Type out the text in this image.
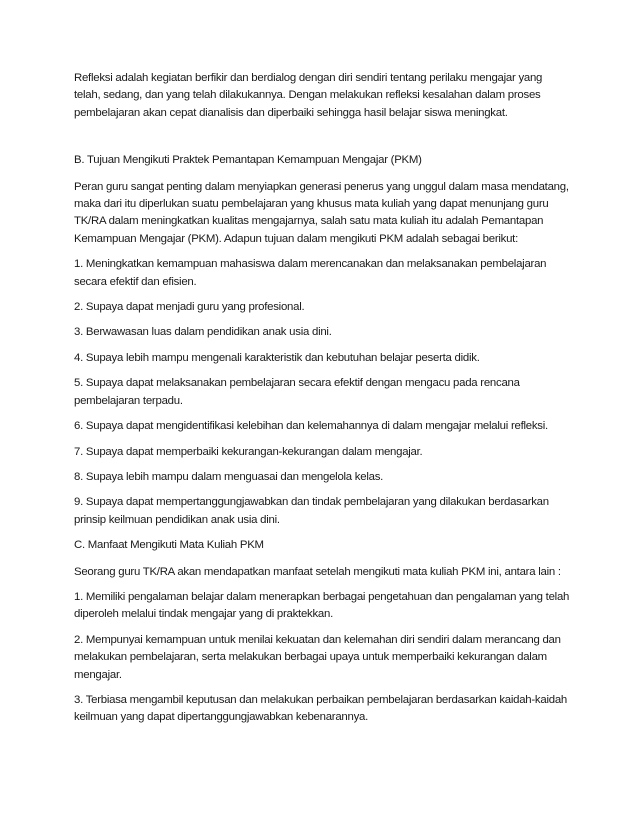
Refleksi adalah kegiatan berfikir dan berdialog dengan diri sendiri tentang perilaku mengajar yang telah, sedang, dan yang telah dilakukannya. Dengan melakukan refleksi kesalahan dalam proses pembelajaran akan cepat dianalisis dan diperbaiki sehingga hasil belajar siswa meningkat.

B. Tujuan Mengikuti Praktek Pemantapan Kemampuan Mengajar (PKM)

Peran guru sangat penting dalam menyiapkan generasi penerus yang unggul dalam masa mendatang, maka dari itu diperlukan suatu pembelajaran yang khusus mata kuliah yang dapat menunjang guru TK/RA dalam meningkatkan kualitas mengajarnya, salah satu mata kuliah itu adalah Pemantapan Kemampuan Mengajar (PKM). Adapun tujuan dalam mengikuti PKM adalah sebagai berikut:

1. Meningkatkan kemampuan mahasiswa dalam merencanakan dan melaksanakan pembelajaran secara efektif dan efisien.

2. Supaya dapat menjadi guru yang profesional.

3. Berwawasan luas dalam pendidikan anak usia dini.

4. Supaya lebih mampu mengenali karakteristik dan kebutuhan belajar peserta didik.

5. Supaya dapat melaksanakan pembelajaran secara efektif dengan mengacu pada rencana pembelajaran terpadu.

6. Supaya dapat mengidentifikasi kelebihan dan kelemahannya di dalam mengajar melalui refleksi.

7. Supaya dapat memperbaiki kekurangan-kekurangan dalam mengajar.

8. Supaya lebih mampu dalam menguasai dan mengelola kelas.

9. Supaya dapat mempertanggungjawabkan dan tindak pembelajaran yang dilakukan berdasarkan prinsip keilmuan pendidikan anak usia dini.

C. Manfaat Mengikuti Mata Kuliah PKM

Seorang guru TK/RA akan mendapatkan manfaat setelah mengikuti mata kuliah PKM ini, antara lain :

1. Memiliki pengalaman belajar dalam menerapkan berbagai pengetahuan dan pengalaman yang telah diperoleh melalui tindak mengajar yang di praktekkan.

2. Mempunyai kemampuan untuk menilai kekuatan dan kelemahan diri sendiri dalam merancang dan melakukan pembelajaran, serta melakukan berbagai upaya untuk memperbaiki kekurangan dalam mengajar.

3. Terbiasa mengambil keputusan dan melakukan perbaikan pembelajaran berdasarkan kaidah-kaidah keilmuan yang dapat dipertanggungjawabkan kebenarannya.
